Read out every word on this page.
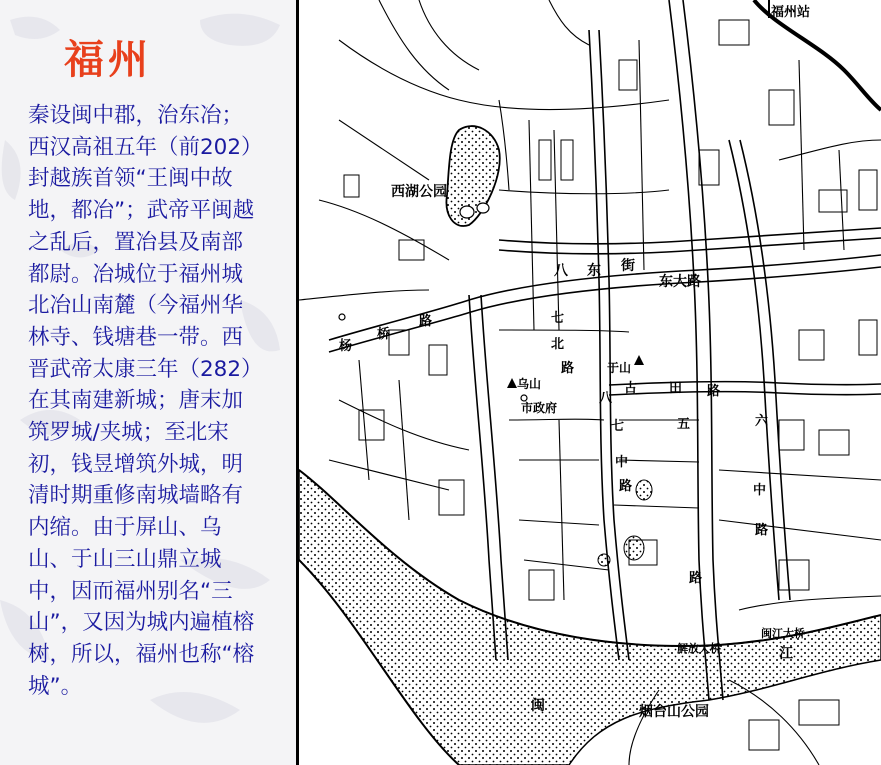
福州
秦设闽中郡，治东冶；西汉高祖五年（前202）封越族首领“王闽中故地，都冶”；武帝平闽越之乱后，置冶县及南部都尉。冶城位于福州城北冶山南麓（今福州华林寺、钱塘巷一带。西晋武帝太康三年（282）在其南建新城；唐末加筑罗城/夹城；至北宋初，钱昱增筑外城，明清时期重修南城墙略有内缩。由于屏山、乌山、于山三山鼎立城中，因而福州别名“三山”，又因为城内遍植榕树，所以，福州也称“榕城”。
福州站
西湖公园
八 东 街
东大路
杨
桥
路	七
北
路
乌山
市政府
于山
古 田 路
八
七	五	六
中
路	中
路
路
解放大桥
闽江大桥
江
闽	烟台山公园
